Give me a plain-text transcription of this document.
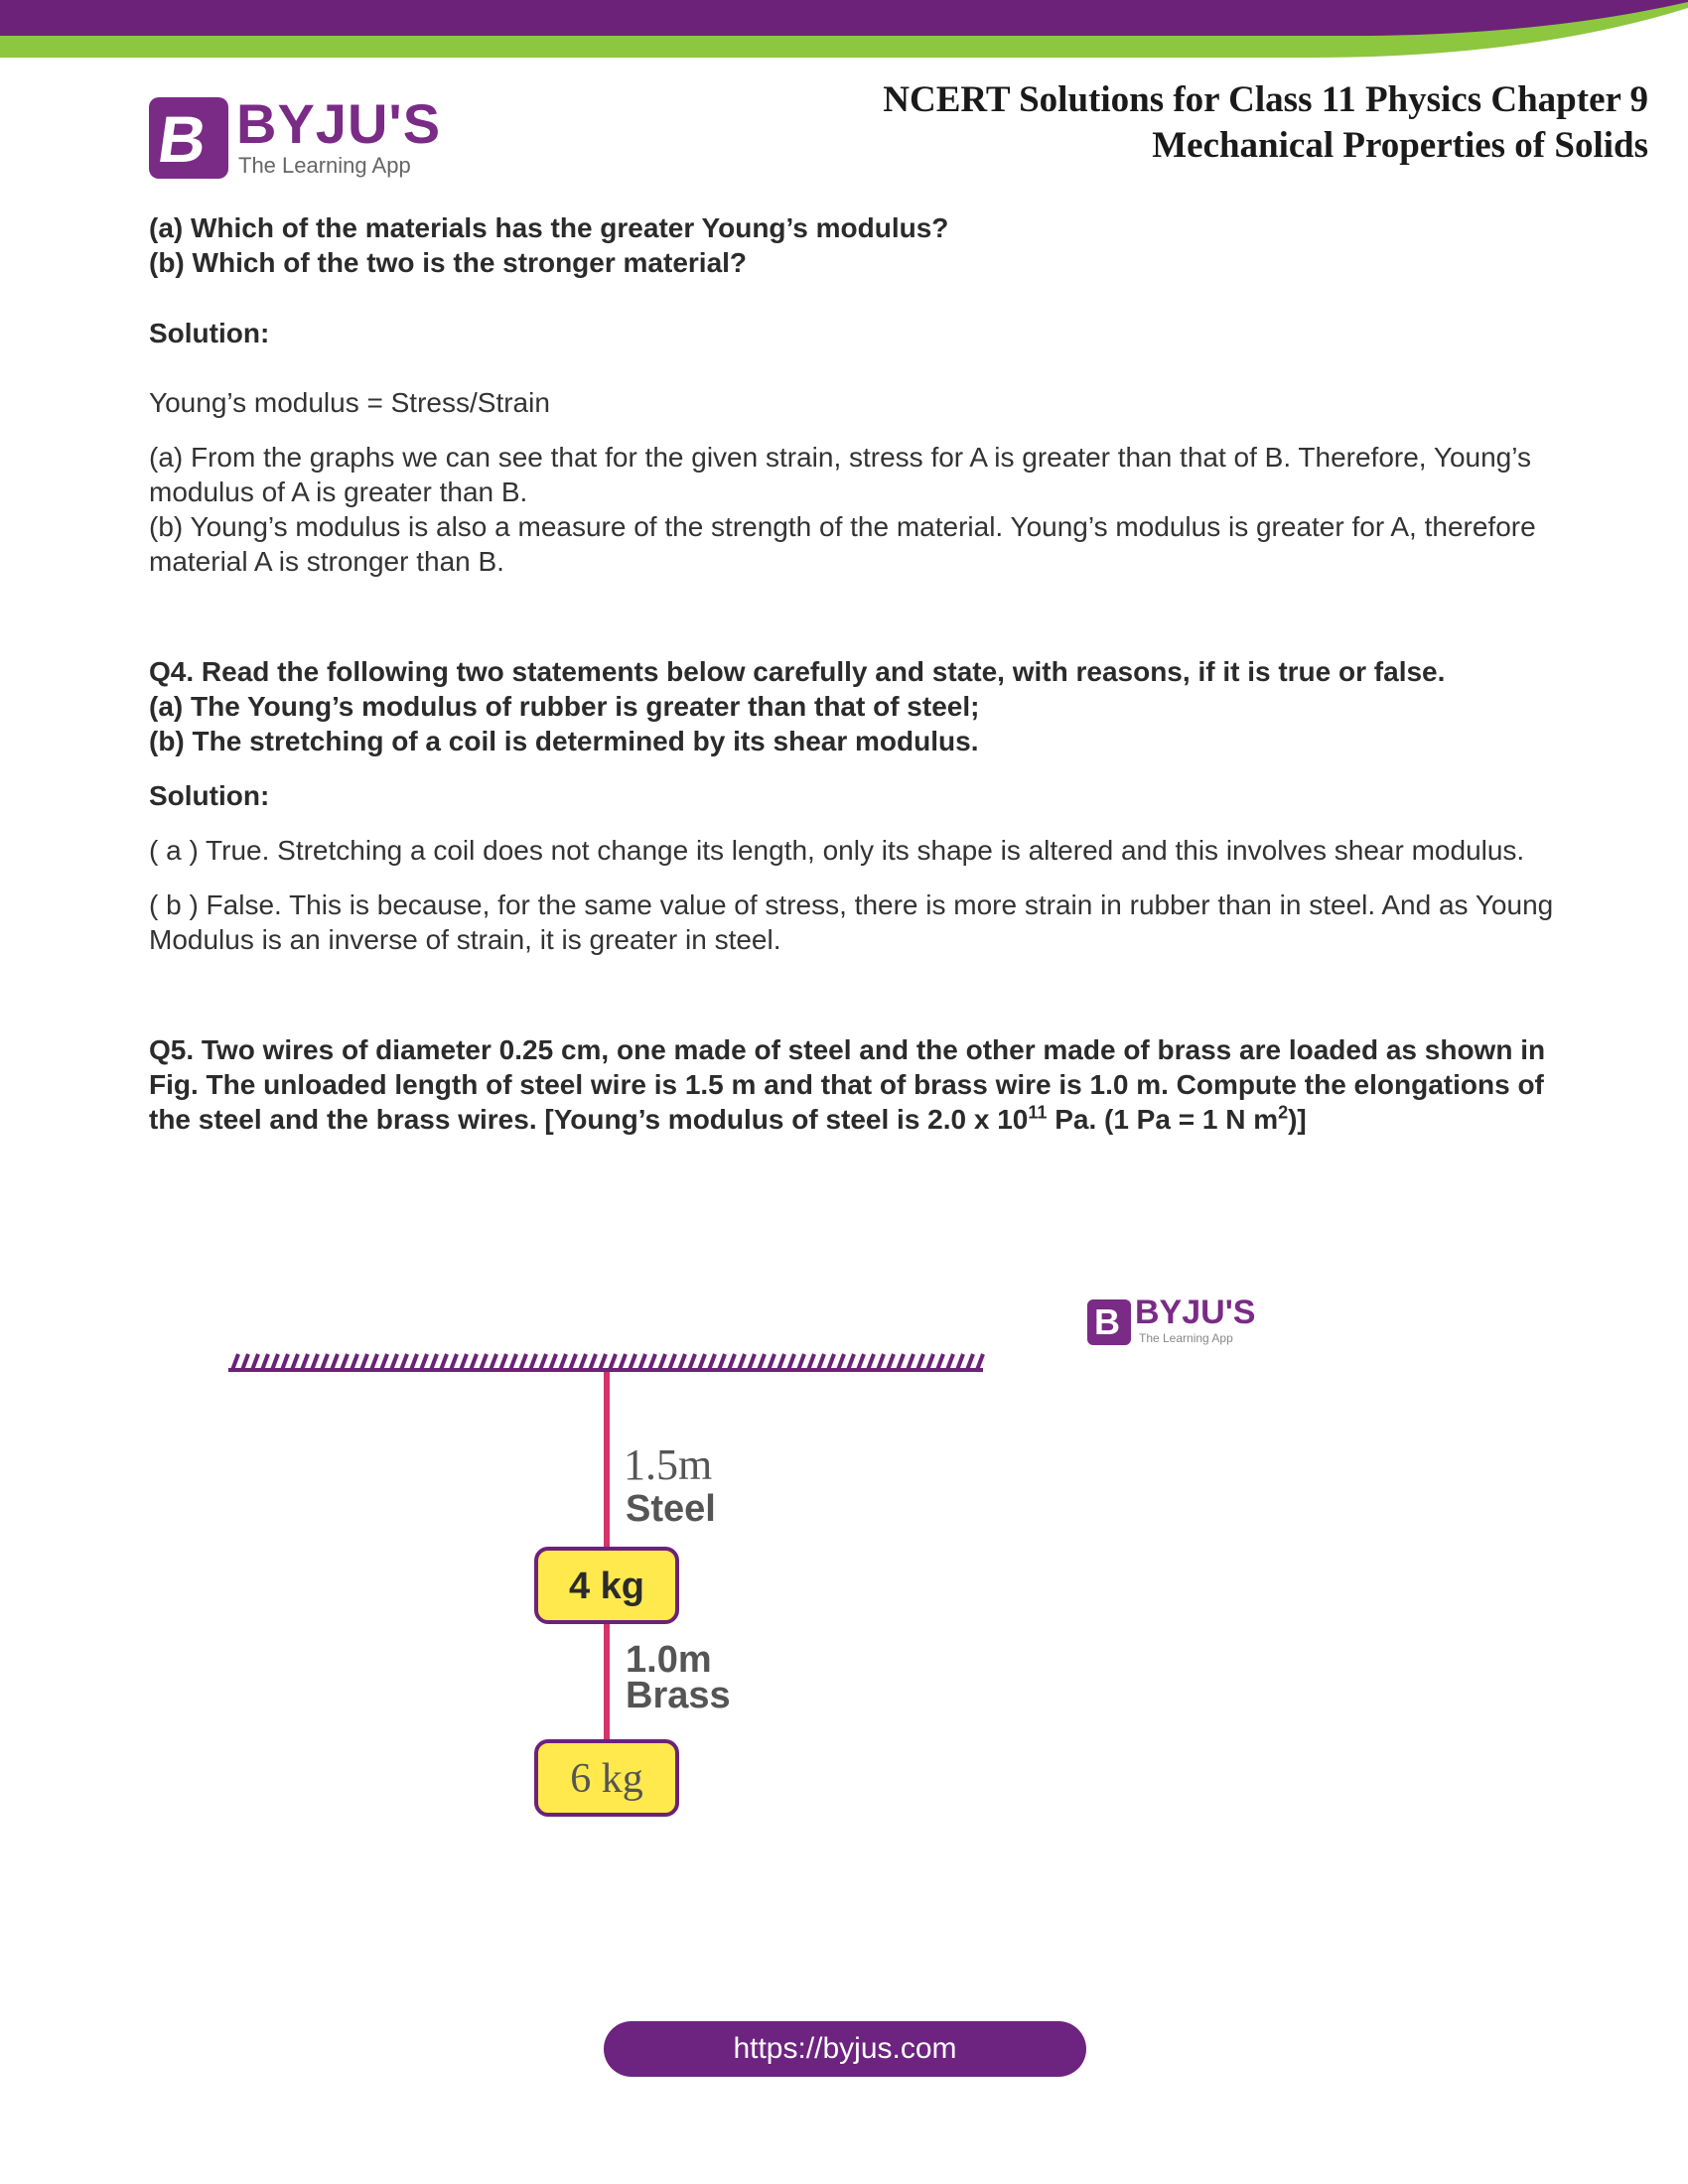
B BYJU'S
The Learning App
NCERT Solutions for Class 11 Physics Chapter 9
Mechanical Properties of Solids

(a) Which of the materials has the greater Young’s modulus?

(b) Which of the two is the stronger material?

Solution:

Young’s modulus = Stress/Strain

(a) From the graphs we can see that for the given strain, stress for A is greater than that of B. Therefore, Young’s modulus of A is greater than B.

(b) Young’s modulus is also a measure of the strength of the material. Young’s modulus is greater for A, therefore material A is stronger than B.

Q4. Read the following two statements below carefully and state, with reasons, if it is true or false.

(a) The Young’s modulus of rubber is greater than that of steel;

(b) The stretching of a coil is determined by its shear modulus.

Solution:

( a ) True. Stretching a coil does not change its length, only its shape is altered and this involves shear modulus.

( b ) False. This is because, for the same value of stress, there is more strain in rubber than in steel. And as Young Modulus is an inverse of strain, it is greater in steel.

Q5. Two wires of diameter 0.25 cm, one made of steel and the other made of brass are loaded as shown in Fig. The unloaded length of steel wire is 1.5 m and that of brass wire is 1.0 m. Compute the elongations of the steel and the brass wires. [Young’s modulus of steel is 2.0 x $10^{11}$ Pa. (1 Pa = 1 N $m^2$)]

B BYJU'S
The Learning App
1.5m
Steel
4 kg
1.0m
Brass
6 kg
https://byjus.com
